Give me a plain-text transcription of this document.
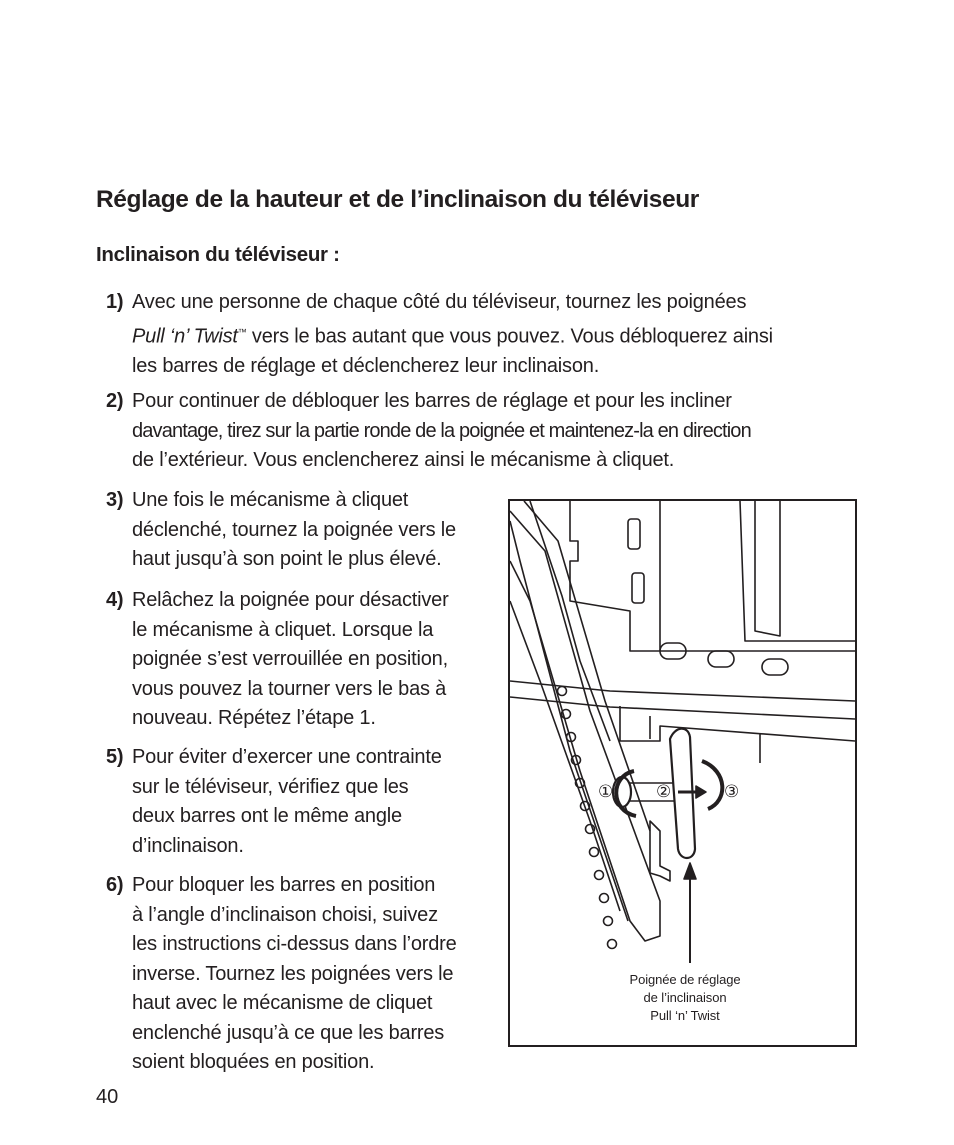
Réglage de la hauteur et de l’inclinaison du téléviseur
Inclinaison du téléviseur :
1) Avec une personne de chaque côté du téléviseur, tournez les poignées
Pull ‘n’ Twist™ vers le bas autant que vous pouvez. Vous débloquerez ainsi
les barres de réglage et déclencherez leur inclinaison.
2) Pour continuer de débloquer les barres de réglage et pour les incliner
davantage, tirez sur la partie ronde de la poignée et maintenez-la en direction
de l’extérieur. Vous enclencherez ainsi le mécanisme à cliquet.
3) Une fois le mécanisme à cliquet
déclenché, tournez la poignée vers le
haut jusqu’à son point le plus élevé.
4) Relâchez la poignée pour désactiver
le mécanisme à cliquet. Lorsque la
poignée s’est verrouillée en position,
vous pouvez la tourner vers le bas à
nouveau. Répétez l’étape 1.
5) Pour éviter d’exercer une contrainte
sur le téléviseur, vérifiez que les
deux barres ont le même angle
d’inclinaison.
6) Pour bloquer les barres en position
à l’angle d’inclinaison choisi, suivez
les instructions ci-dessus dans l’ordre
inverse. Tournez les poignées vers le
haut avec le mécanisme de cliquet
enclenché jusqu’à ce que les barres
soient bloquées en position.
①	②	③
Poignée de réglage
de l’inclinaison
Pull ‘n’ Twist

40
